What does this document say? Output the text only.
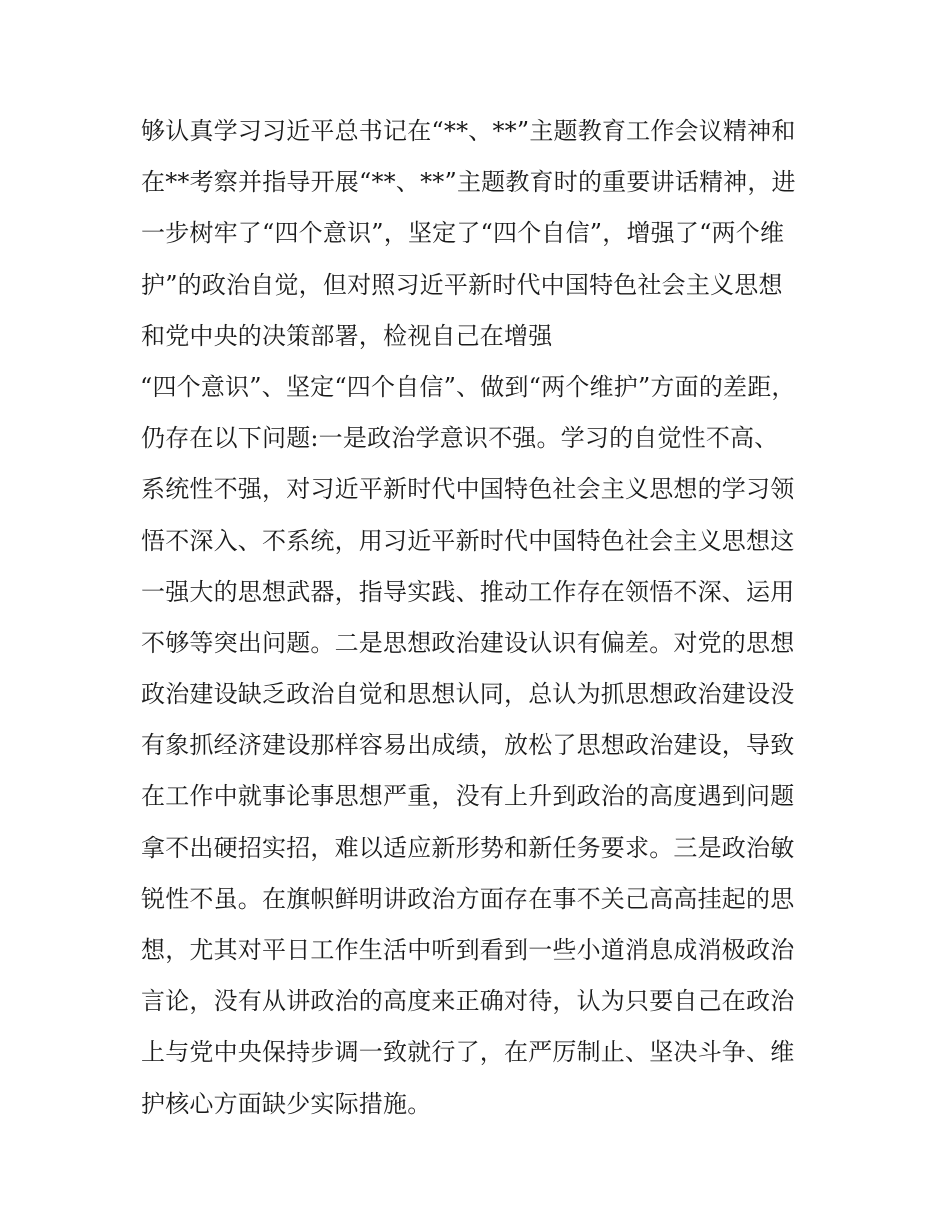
够认真学习习近平总书记在“**、**”主题教育工作会议精神和
在**考察并指导开展“**、**”主题教育时的重要讲话精神，进
一步树牢了“四个意识”，坚定了“四个自信”，增强了“两个维
护”的政治自觉，但对照习近平新时代中国特色社会主义思想
和党中央的决策部署，检视自己在增强
“四个意识”、坚定“四个自信”、做到“两个维护”方面的差距，
仍存在以下问题:一是政治学意识不强。学习的自觉性不高、
系统性不强，对习近平新时代中国特色社会主义思想的学习领
悟不深入、不系统，用习近平新时代中国特色社会主义思想这
一强大的思想武器，指导实践、推动工作存在领悟不深、运用
不够等突出问题。二是思想政治建设认识有偏差。对党的思想
政治建设缺乏政治自觉和思想认同，总认为抓思想政治建设没
有象抓经济建设那样容易出成绩，放松了思想政治建设，导致
在工作中就事论事思想严重，没有上升到政治的高度遇到问题
拿不出硬招实招，难以适应新形势和新任务要求。三是政治敏
锐性不虽。在旗帜鲜明讲政治方面存在事不关己高高挂起的思
想，尤其对平日工作生活中听到看到一些小道消息成消极政治
言论，没有从讲政治的高度来正确对待，认为只要自己在政治
上与党中央保持步调一致就行了，在严厉制止、坚决斗争、维
护核心方面缺少实际措施。
